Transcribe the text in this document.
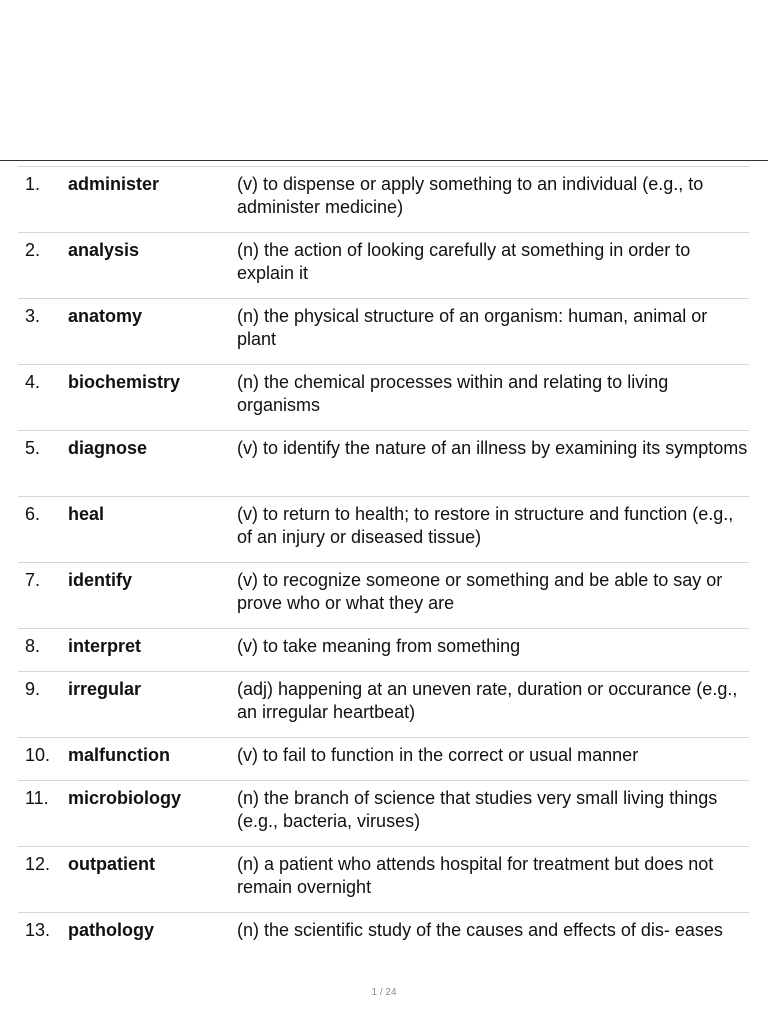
1.	administer	(v) to dispense or apply something to an individual (e.g., to administer medicine)
2.	analysis	(n) the action of looking carefully at something in order to explain it
3.	anatomy	(n) the physical structure of an organism: human, animal or plant
4.	biochemistry	(n) the chemical processes within and relating to living organisms
5.	diagnose	(v) to identify the nature of an illness by examining its symptoms
6.	heal	(v) to return to health; to restore in structure and function (e.g., of an injury or diseased tissue)
7.	identify	(v) to recognize someone or something and be able to say or prove who or what they are
8.	interpret	(v) to take meaning from something
9.	irregular	(adj) happening at an uneven rate, duration or occurance (e.g., an irregular heartbeat)
10. malfunction	(v) to fail to function in the correct or usual manner
11.	microbiology	(n) the branch of science that studies very small living things (e.g., bacteria, viruses)
12. outpatient	(n) a patient who attends hospital for treatment but does not remain overnight
13. pathology	(n) the scientific study of the causes and effects of dis- eases
1 / 24
